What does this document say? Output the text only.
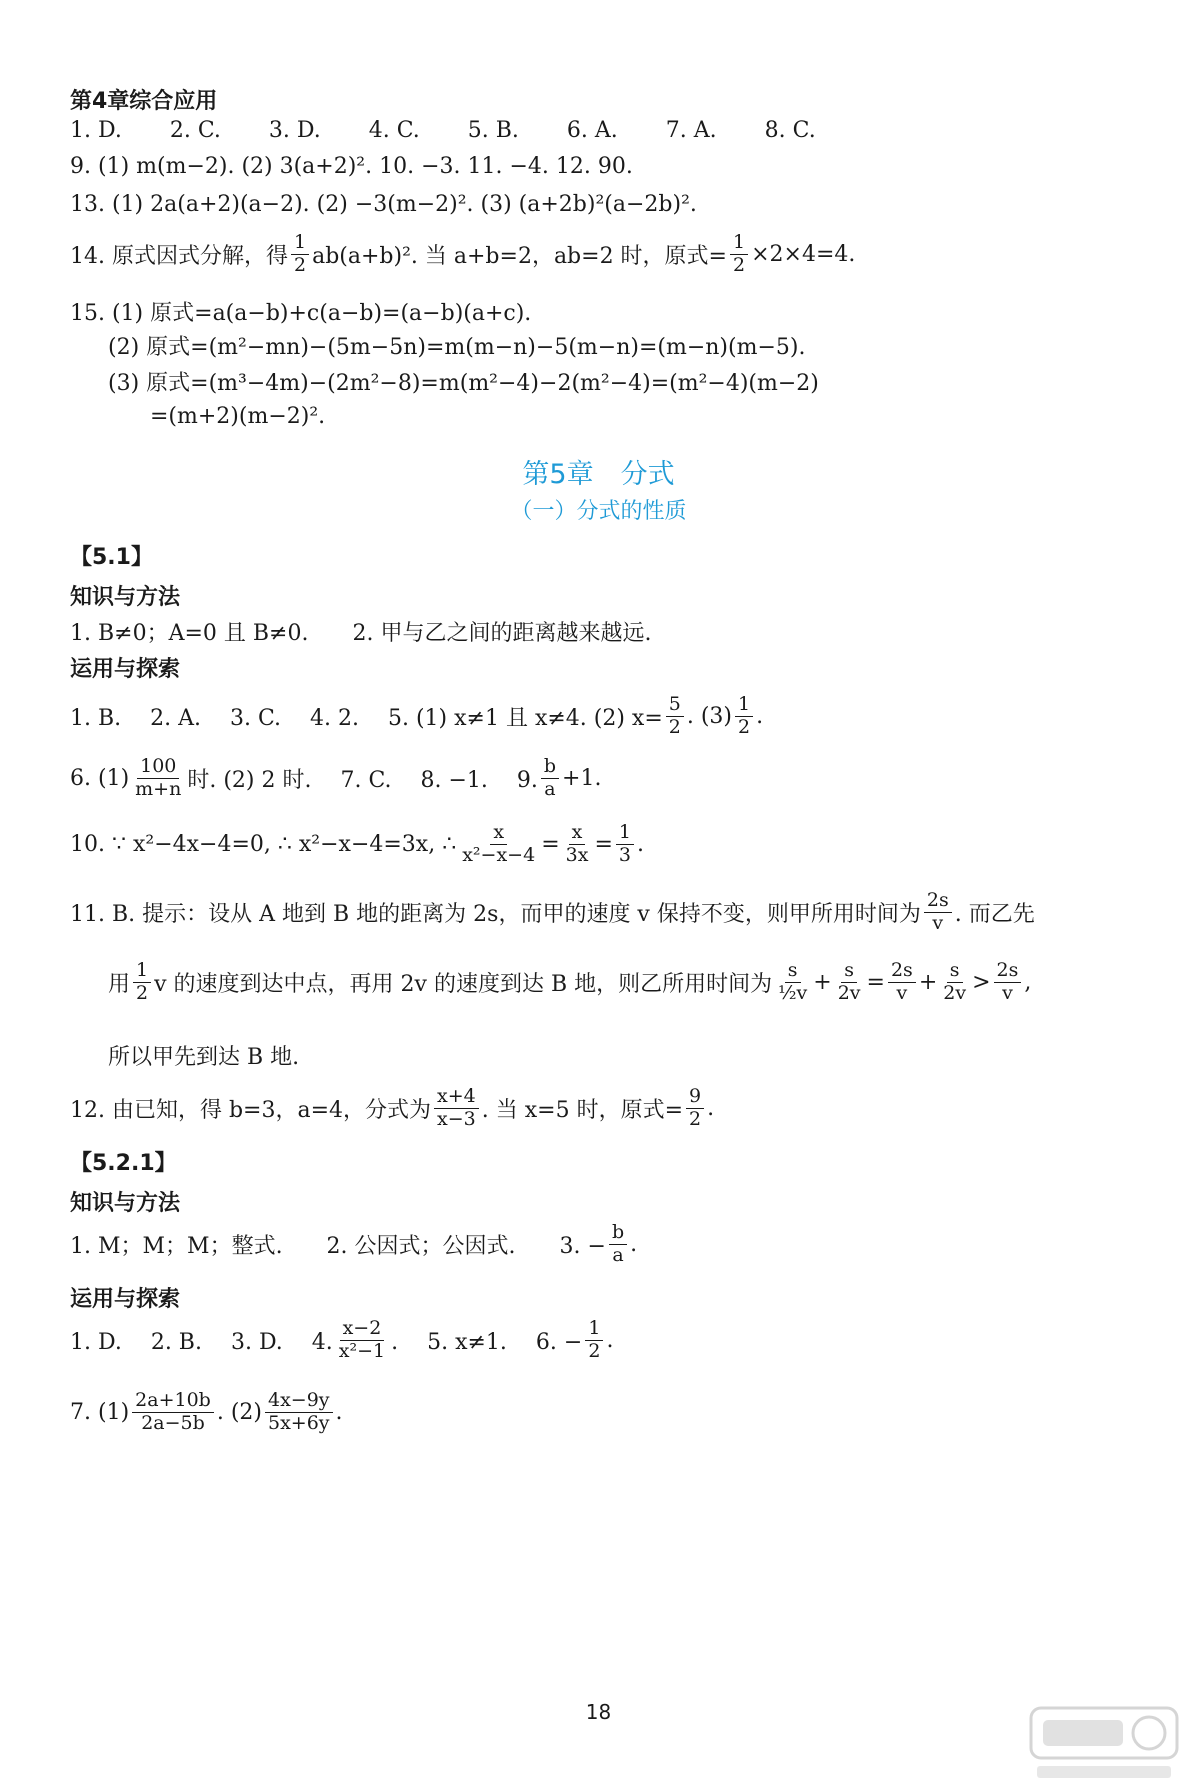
第4章综合应用
1. D. 2. C. 3. D. 4. C. 5. B. 6. A. 7. A. 8. C.
9. (1) m(m−2). (2) 3(a+2)². 10. −3. 11. −4. 12. 90.
13. (1) 2a(a+2)(a−2). (2) −3(m−2)². (3) (a+2b)²(a−2b)².
14. 原式因式分解，得 $\frac{1}{2} ab(a+b)^2$. 当 a+b=2，ab=2 时，原式= $\frac{1}{2} \times 2\times 4=4$.
15. (1) 原式=a(a−b)+c(a−b)=(a−b)(a+c).
(2) 原式=(m²−mn)−(5m−5n)=m(m−n)−5(m−n)=(m−n)(m−5).
(3) 原式=(m³−4m)−(2m²−8)=m(m²−4)−2(m²−4)=(m²−4)(m−2)
=(m+2)(m−2)².
第5章　分式
（一）分式的性质
【5.1】
知识与方法
1. B≠0；A=0 且 B≠0.　　2. 甲与乙之间的距离越来越远.
运用与探索
1. B.　 2. A.　 3. C.　 4. 2.　 5. (1) x≠1 且 x≠4. (2) $x= \frac{5}{2}$ . $(3) \frac{1}{2}$ .
6. $(1) \frac{100}{m+n}$ 时. (2) 2 时.　 7. C.　 8. −1.　 9. $\frac{b}{a} +1$.
10. ∵ x²−4x−4=0, ∴ x²−x−4=3x, ∴ $\frac{x}{\text{x²−x−4}} = \frac{x}{3x} = \frac{1}{3}$ .
11. B. 提示：设从 A 地到 B 地的距离为 2s，而甲的速度 v 保持不变，则甲所用时间为 $\frac{2s}{v}$ . 而乙先
用 $\frac{1}{2}$ v 的速度到达中点，再用 2v 的速度到达 B 地，则乙所用时间为 $\frac{s}{\text{½v}} + \frac{s}{2v} = \frac{2s}{v} + \frac{s}{2v} > \frac{2s}{v}$ ,
所以甲先到达 B 地.
12. 由已知，得 b=3，a=4，分式为 $\frac{x+4}{x-3}$ . 当 x=5 时，原式= $\frac{9}{2}$ .
【5.2.1】
知识与方法
1. M；M；M；整式.　　2. 公因式；公因式.　　3. − $\frac{b}{a}$ .
运用与探索
1. D.　 2. B.　 3. D.　 4. $\frac{x-2}{\text{x²−1}}$ .　 5. x≠1.　 6. − $\frac{1}{2}$ .
7. $(1) \frac{2a+10b}{2a-5b}$ . $(2) \frac{4x-9y}{5x+6y}$ .
18
